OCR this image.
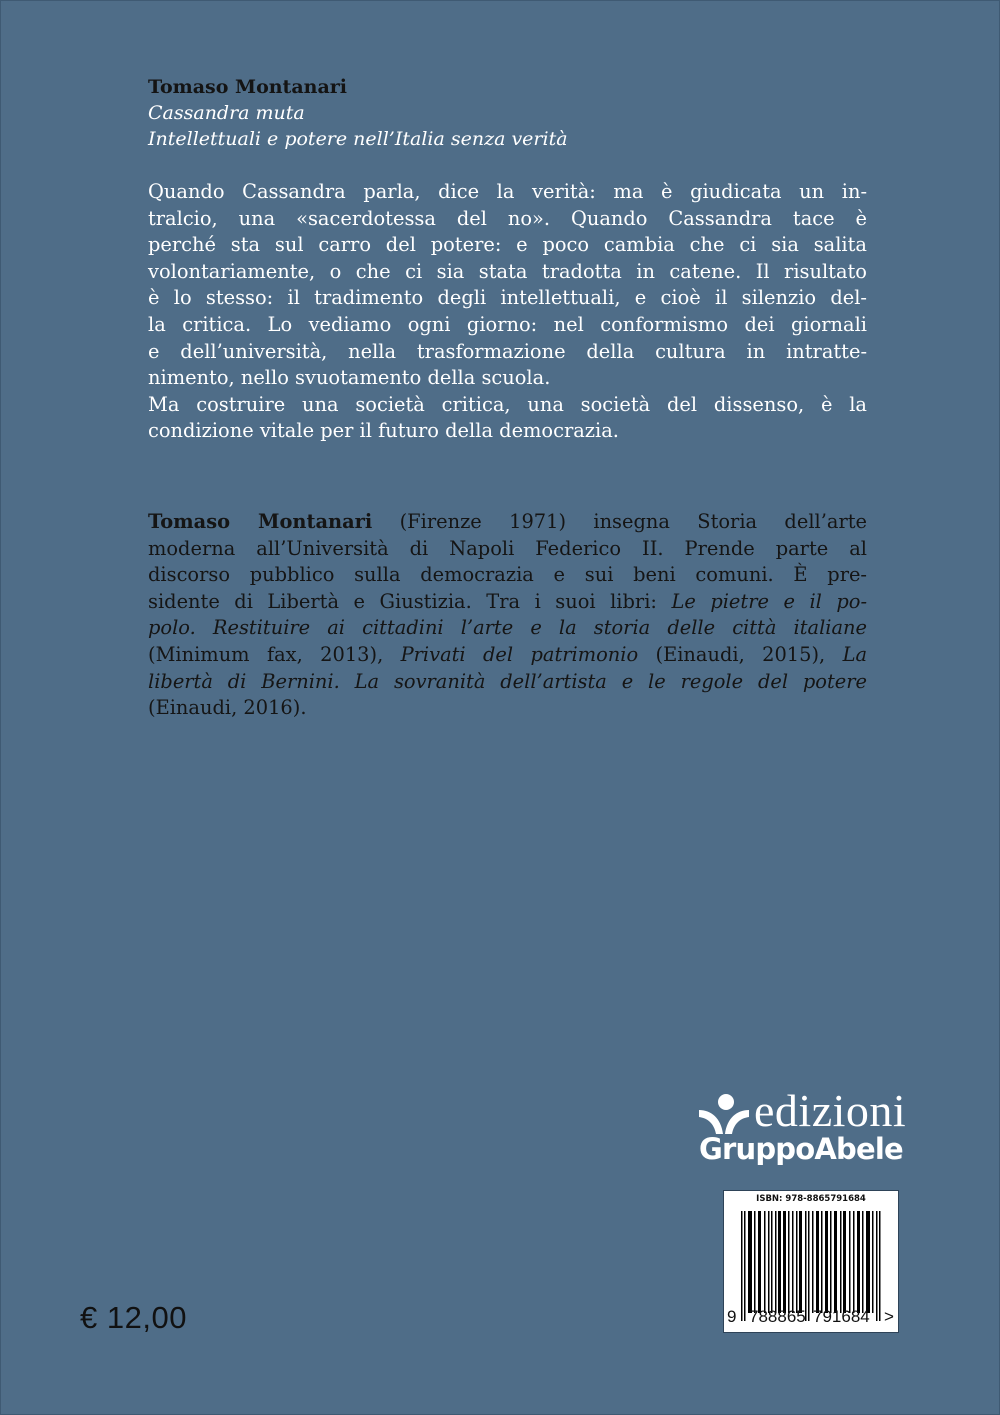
Tomaso Montanari
Cassandra muta
Intellettuali e potere nell’Italia senza verità
Quando Cassandra parla, dice la verità: ma è giudicata un in-
tralcio, una «sacerdotessa del no». Quando Cassandra tace è
perché sta sul carro del potere: e poco cambia che ci sia salita
volontariamente, o che ci sia stata tradotta in catene. Il risultato
è lo stesso: il tradimento degli intellettuali, e cioè il silenzio del-
la critica. Lo vediamo ogni giorno: nel conformismo dei giornali
e dell’università, nella trasformazione della cultura in intratte-
nimento, nello svuotamento della scuola.
Ma costruire una società critica, una società del dissenso, è la
condizione vitale per il futuro della democrazia.
Tomaso Montanari (Firenze 1971) insegna Storia dell’arte
moderna all’Università di Napoli Federico II. Prende parte al
discorso pubblico sulla democrazia e sui beni comuni. È pre-
sidente di Libertà e Giustizia. Tra i suoi libri: Le pietre e il po-
polo. Restituire ai cittadini l’arte e la storia delle città italiane
(Minimum fax, 2013), Privati del patrimonio (Einaudi, 2015), La
libertà di Bernini. La sovranità dell’artista e le regole del potere
(Einaudi, 2016).
edizioni
GruppoAbele
ISBN: 978-8865791684
9 788865 791684 >
€ 12,00
